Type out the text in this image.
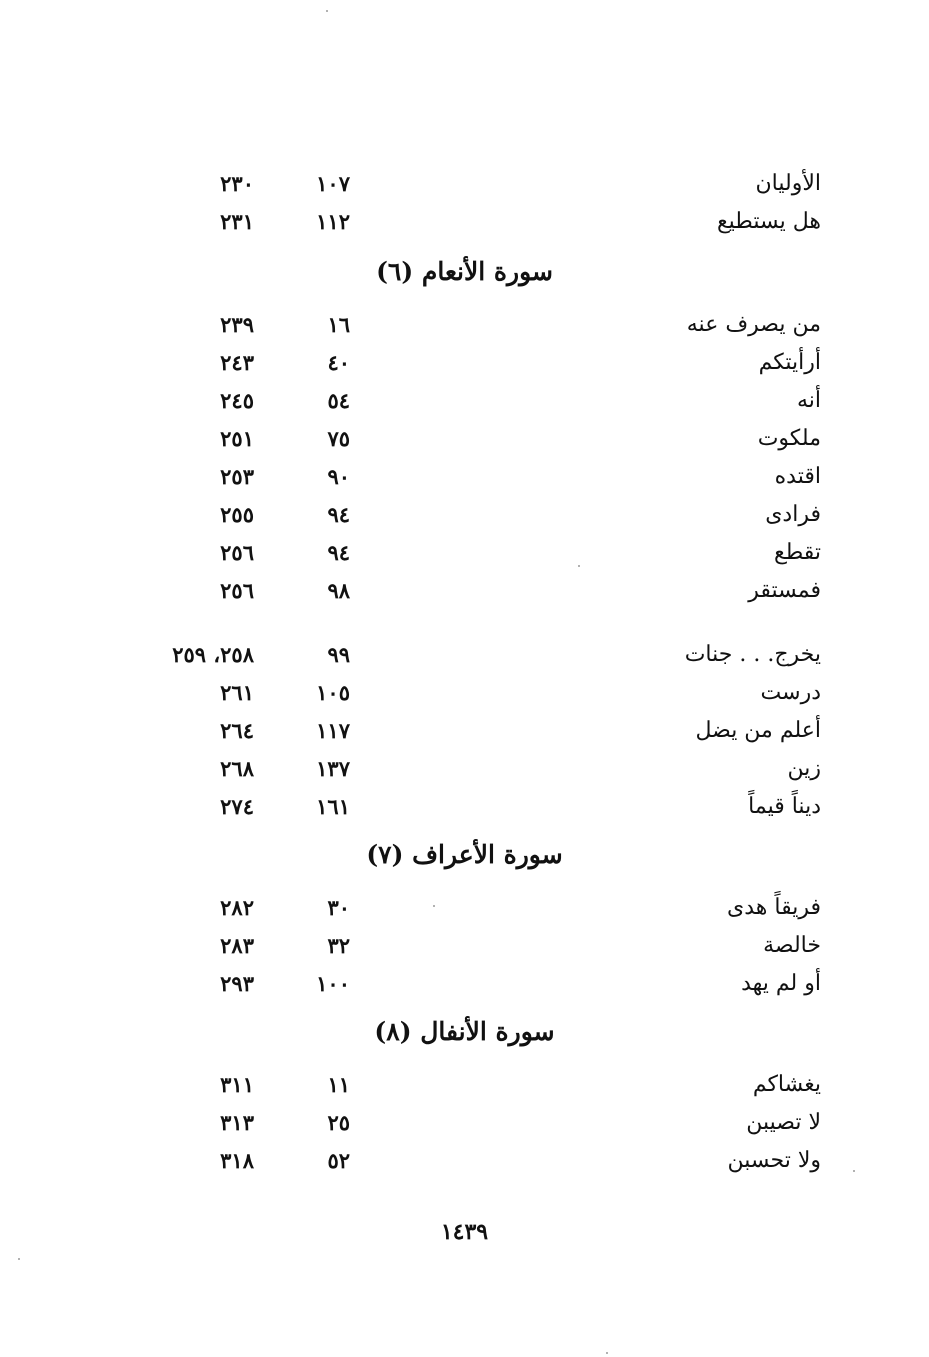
الأوليان
١٠٧
٢٣٠
هل يستطيع
١١٢
٢٣١
سورة الأنعام (٦)
من يصرف عنه
١٦
٢٣٩
أرأيتكم
٤٠
٢٤٣
أنه
٥٤
٢٤٥
ملكوت
٧٥
٢٥١
اقتده
٩٠
٢٥٣
فرادى
٩٤
٢٥٥
تقطع
٩٤
٢٥٦
فمستقر
٩٨
٢٥٦
يخرج. . . جنات
٩٩
٢٥٨، ٢٥٩
درست
١٠٥
٢٦١
أعلم من يضل
١١٧
٢٦٤
زين
١٣٧
٢٦٨
ديناً قيماً
١٦١
٢٧٤
سورة الأعراف (٧)
فريقاً هدى
٣٠
٢٨٢
خالصة
٣٢
٢٨٣
أو لم يهد
١٠٠
٢٩٣
سورة الأنفال (٨)
يغشاكم
١١
٣١١
لا تصيبن
٢٥
٣١٣
ولا تحسبن
٥٢
٣١٨
١٤٣٩
